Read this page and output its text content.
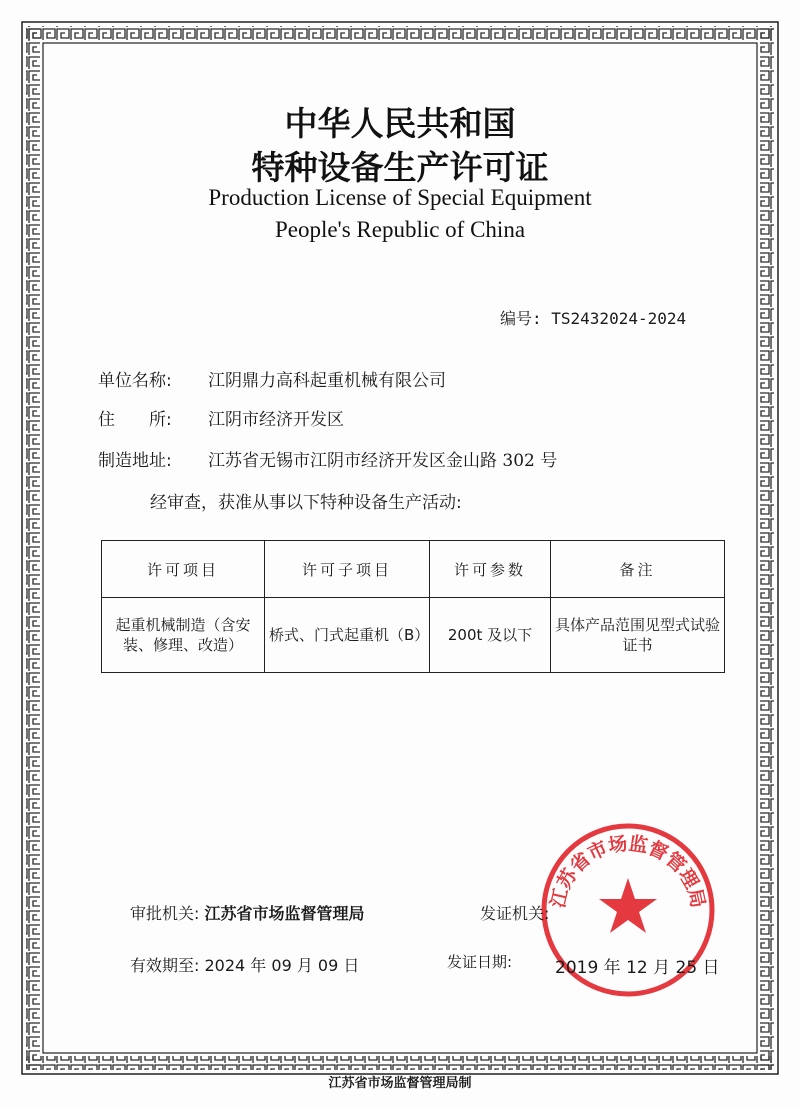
中华人民共和国
特种设备生产许可证
Production License of Special Equipment
People's Republic of China
编号: TS2432024-2024
单位名称: 江阴鼎力高科起重机械有限公司
住　　所: 江阴市经济开发区
制造地址: 江苏省无锡市江阴市经济开发区金山路 302 号
经审查，获准从事以下特种设备生产活动:
许可项目	许可子项目	许可参数	备注
起重机械制造（含安装、修理、改造）	桥式、门式起重机（B）	200t 及以下	具体产品范围见型式试验证书
江苏省市场监督管理局
审批机关: 江苏省市场监督管理局	发证机关:
有效期至: 2024 年 09 月 09 日	发证日期:	2019 年 12 月 25 日
江苏省市场监督管理局制
